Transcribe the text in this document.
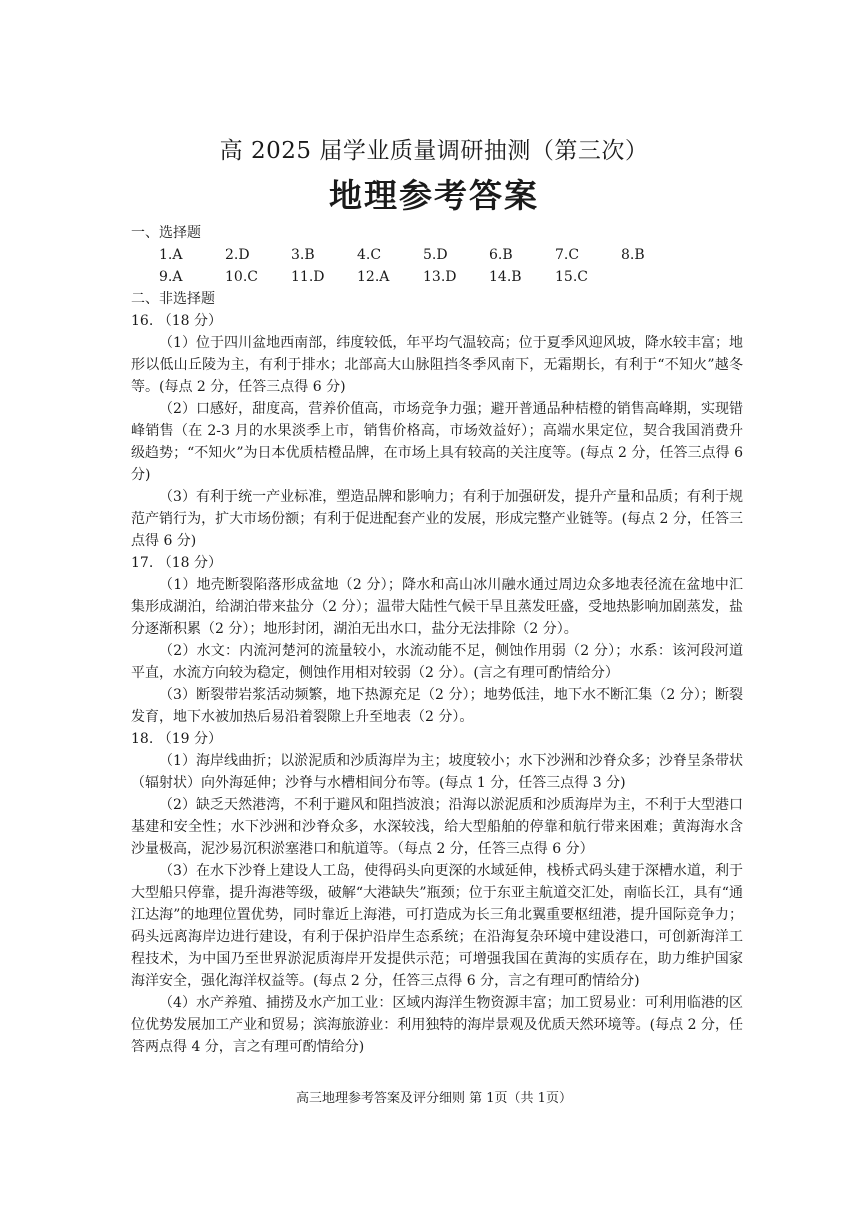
高 2025 届学业质量调研抽测（第三次）
地理参考答案

一、选择题

1.A	2.D	3.B	4.C	5.D	6.B	7.C	8.B
9.A	10.C	11.D	12.A	13.D	14.B	15.C

二、非选择题

16. （18 分）

（1）位于四川盆地西南部，纬度较低，年平均气温较高；位于夏季风迎风坡，降水较丰富；地形以低山丘陵为主，有利于排水；北部高大山脉阻挡冬季风南下，无霜期长，有利于“不知火”越冬等。(每点 2 分，任答三点得 6 分)

（2）口感好，甜度高，营养价值高，市场竞争力强；避开普通品种桔橙的销售高峰期，实现错峰销售（在 2-3 月的水果淡季上市，销售价格高，市场效益好）；高端水果定位，契合我国消费升级趋势；“不知火”为日本优质桔橙品牌，在市场上具有较高的关注度等。(每点 2 分，任答三点得 6 分)

（3）有利于统一产业标准，塑造品牌和影响力；有利于加强研发，提升产量和品质；有利于规范产销行为，扩大市场份额；有利于促进配套产业的发展，形成完整产业链等。(每点 2 分，任答三点得 6 分)

17. （18 分）

（1）地壳断裂陷落形成盆地（2 分）；降水和高山冰川融水通过周边众多地表径流在盆地中汇集形成湖泊，给湖泊带来盐分（2 分）；温带大陆性气候干旱且蒸发旺盛，受地热影响加剧蒸发，盐分逐渐积累（2 分）；地形封闭，湖泊无出水口，盐分无法排除（2 分）。

（2）水文：内流河楚河的流量较小，水流动能不足，侧蚀作用弱（2 分）；水系：该河段河道平直，水流方向较为稳定，侧蚀作用相对较弱（2 分）。(言之有理可酌情给分）

（3）断裂带岩浆活动频繁，地下热源充足（2 分）；地势低洼，地下水不断汇集（2 分）；断裂发育，地下水被加热后易沿着裂隙上升至地表（2 分）。

18. （19 分）

（1）海岸线曲折；以淤泥质和沙质海岸为主；坡度较小；水下沙洲和沙脊众多；沙脊呈条带状（辐射状）向外海延伸；沙脊与水槽相间分布等。(每点 1 分，任答三点得 3 分)

（2）缺乏天然港湾，不利于避风和阻挡波浪；沿海以淤泥质和沙质海岸为主，不利于大型港口基建和安全性；水下沙洲和沙脊众多，水深较浅，给大型船舶的停靠和航行带来困难；黄海海水含沙量极高，泥沙易沉积淤塞港口和航道等。（每点 2 分，任答三点得 6 分）

（3）在水下沙脊上建设人工岛，使得码头向更深的水域延伸，栈桥式码头建于深槽水道，利于大型船只停靠，提升海港等级，破解“大港缺失”瓶颈；位于东亚主航道交汇处，南临长江，具有“通江达海”的地理位置优势，同时靠近上海港，可打造成为长三角北翼重要枢纽港，提升国际竞争力；码头远离海岸边进行建设，有利于保护沿岸生态系统；在沿海复杂环境中建设港口，可创新海洋工程技术，为中国乃至世界淤泥质海岸开发提供示范；可增强我国在黄海的实质存在，助力维护国家海洋安全，强化海洋权益等。(每点 2 分，任答三点得 6 分，言之有理可酌情给分)

（4）水产养殖、捕捞及水产加工业：区域内海洋生物资源丰富；加工贸易业：可利用临港的区位优势发展加工产业和贸易；滨海旅游业：利用独特的海岸景观及优质天然环境等。(每点 2 分，任答两点得 4 分，言之有理可酌情给分)

高三地理参考答案及评分细则 第 1页（共 1页）
